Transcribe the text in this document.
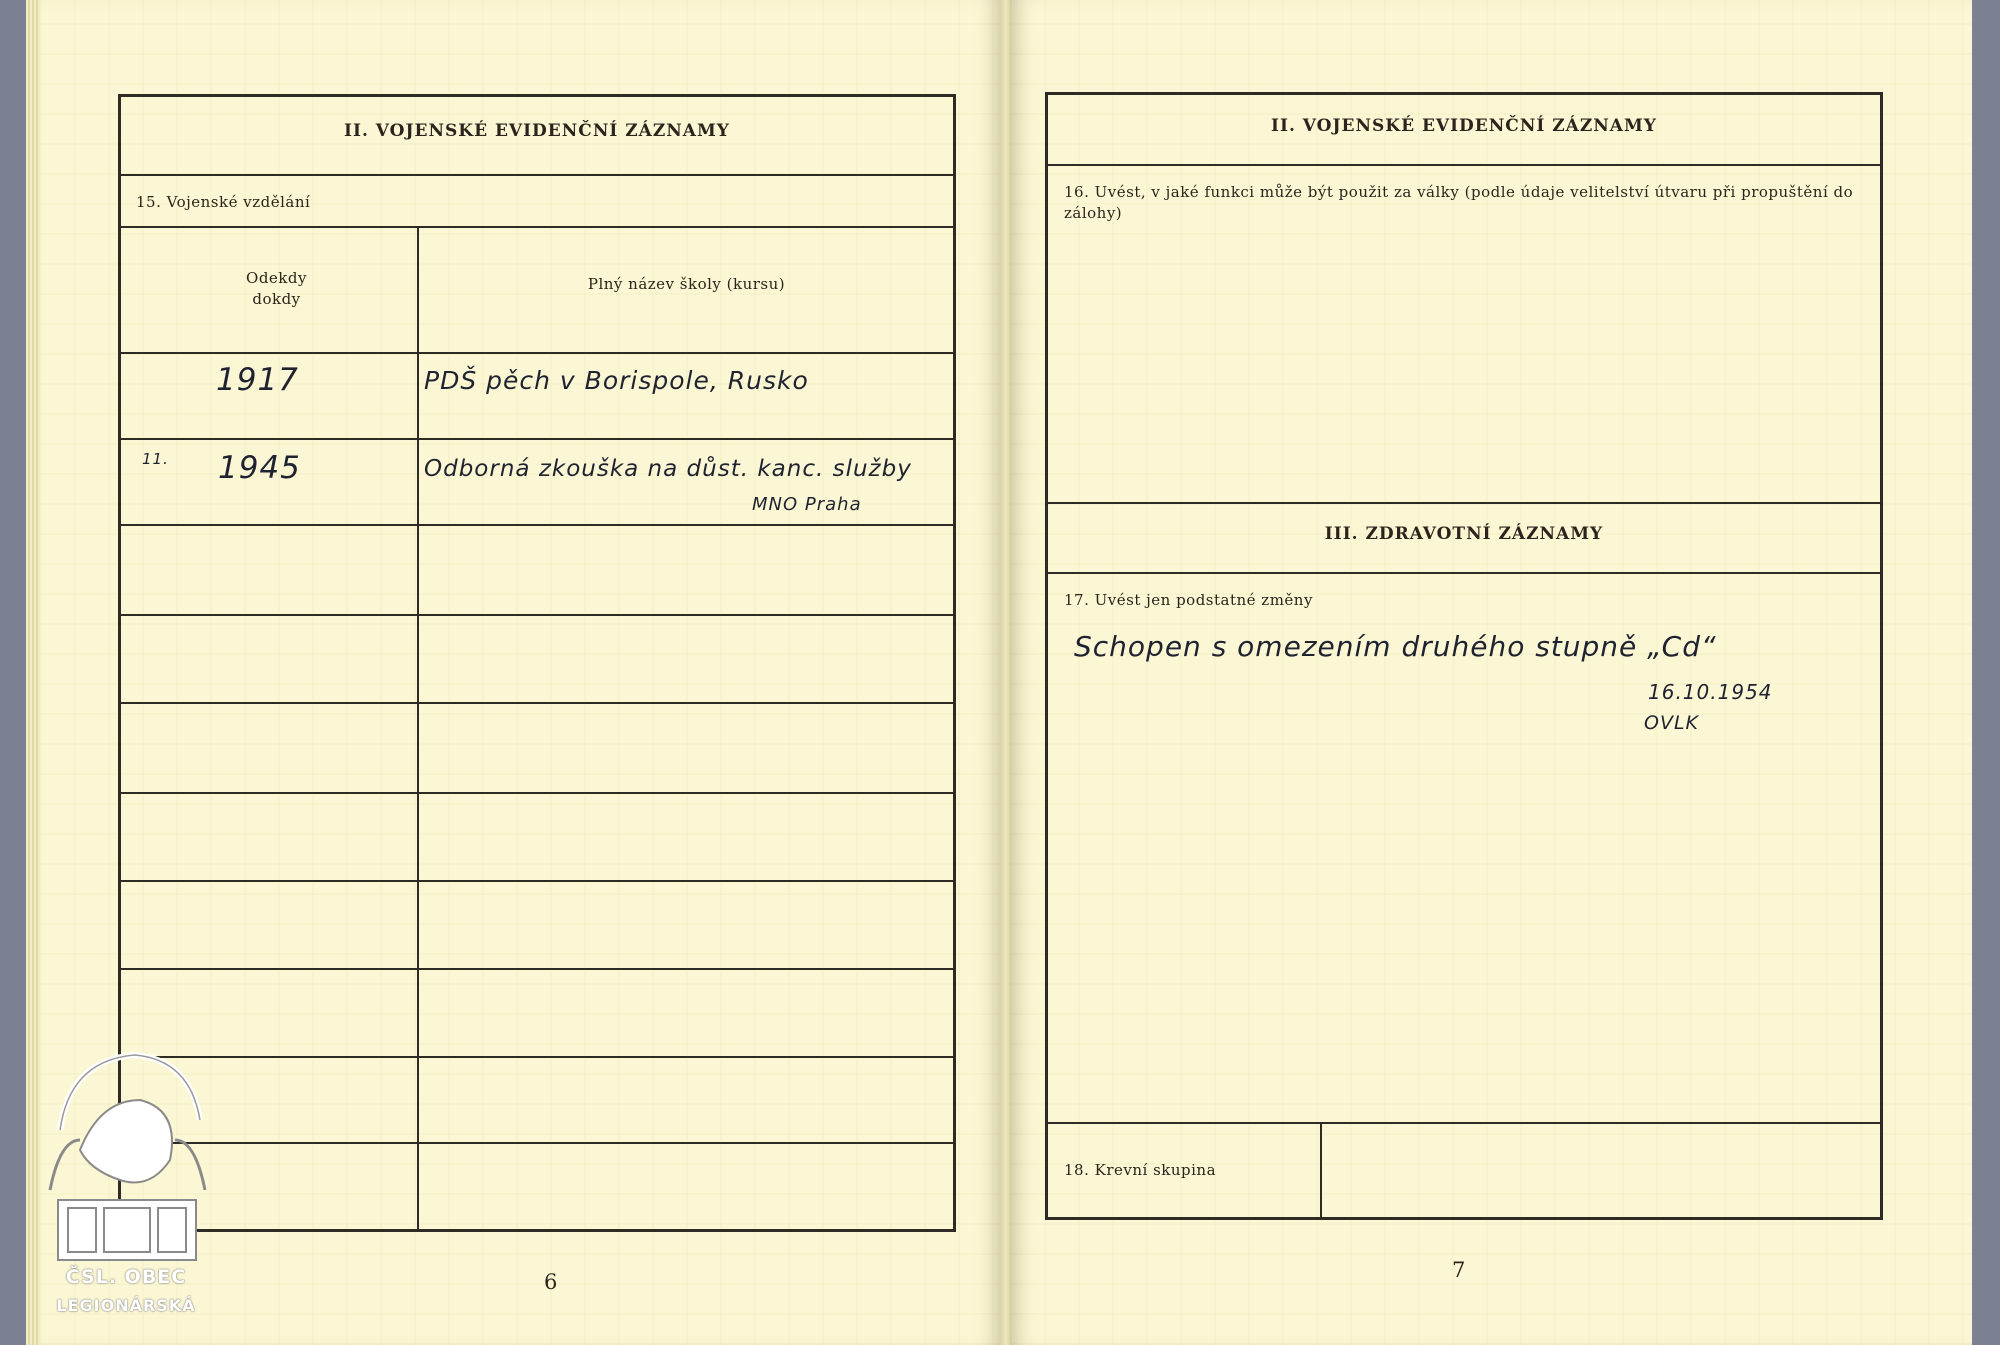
II. VOJENSKÉ EVIDENČNÍ ZÁZNAMY
15. Vojenské vzdělání
Odekdy
dokdy
Plný název školy (kursu)
1917	PDŠ pěch v Borispole, Rusko
11. 1945	Odborná zkouška na důst. kanc. služby
MNO Praha
6
ČSL. OBEC
LEGIONÁRSKÁ
II. VOJENSKÉ EVIDENČNÍ ZÁZNAMY
16. Uvést, v jaké funkci může být použit za války (podle údaje velitelství útvaru při propuštění do zálohy)
III. ZDRAVOTNÍ ZÁZNAMY
17. Uvést jen podstatné změny
Schopen s omezením druhého stupně „Cd“
16.10.1954
OVLK
18. Krevní skupina
7
